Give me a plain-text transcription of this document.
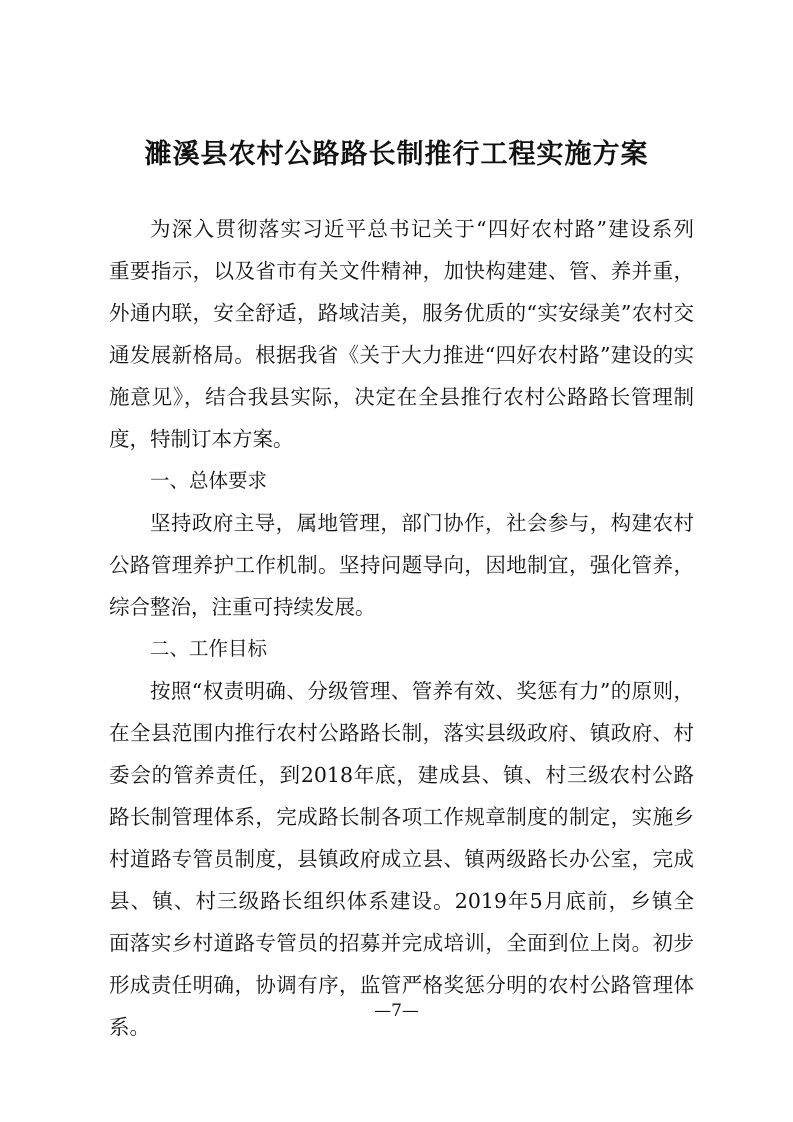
濉溪县农村公路路长制推行工程实施方案
为深入贯彻落实习近平总书记关于“四好农村路”建设系列
重要指示，以及省市有关文件精神，加快构建建、管、养并重，
外通内联，安全舒适，路域洁美，服务优质的“实安绿美”农村交
通发展新格局。根据我省《关于大力推进“四好农村路”建设的实
施意见》，结合我县实际，决定在全县推行农村公路路长管理制
度，特制订本方案。
一、总体要求
坚持政府主导，属地管理，部门协作，社会参与，构建农村
公路管理养护工作机制。坚持问题导向，因地制宜，强化管养，
综合整治，注重可持续发展。
二、工作目标
按照“权责明确、分级管理、管养有效、奖惩有力”的原则，
在全县范围内推行农村公路路长制，落实县级政府、镇政府、村
委会的管养责任，到2018年底，建成县、镇、村三级农村公路
路长制管理体系，完成路长制各项工作规章制度的制定，实施乡
村道路专管员制度，县镇政府成立县、镇两级路长办公室，完成
县、镇、村三级路长组织体系建设。2019年5月底前，乡镇全
面落实乡村道路专管员的招募并完成培训，全面到位上岗。初步
形成责任明确，协调有序，监管严格奖惩分明的农村公路管理体
系。
—7—
